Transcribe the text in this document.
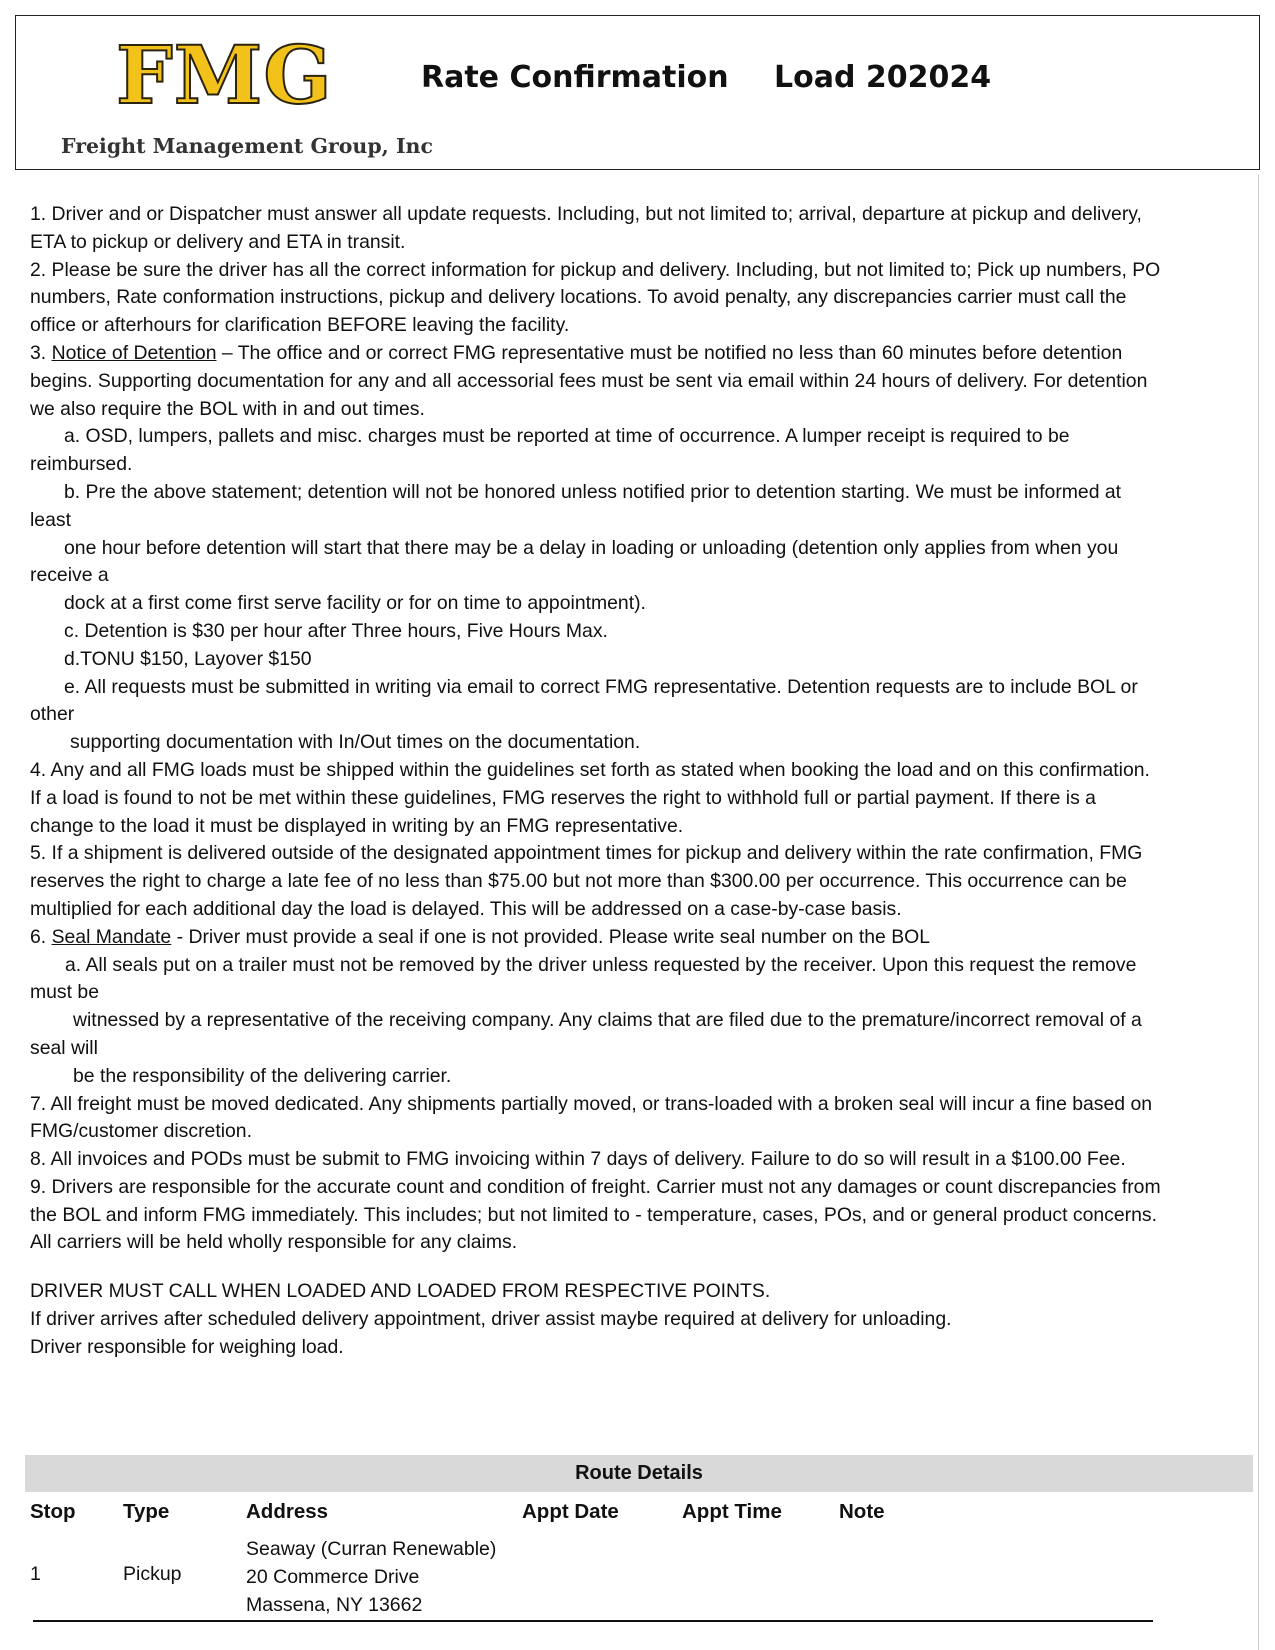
FMG
Freight Management Group, Inc
Rate Confirmation Load 202024
1. Driver and or Dispatcher must answer all update requests. Including, but not limited to; arrival, departure at pickup and delivery,
ETA to pickup or delivery and ETA in transit.
2. Please be sure the driver has all the correct information for pickup and delivery. Including, but not limited to; Pick up numbers, PO
numbers, Rate conformation instructions, pickup and delivery locations. To avoid penalty, any discrepancies carrier must call the
office or afterhours for clarification BEFORE leaving the facility.
3. Notice of Detention – The office and or correct FMG representative must be notified no less than 60 minutes before detention
begins. Supporting documentation for any and all accessorial fees must be sent via email within 24 hours of delivery. For detention
we also require the BOL with in and out times.
a. OSD, lumpers, pallets and misc. charges must be reported at time of occurrence. A lumper receipt is required to be
reimbursed.
b. Pre the above statement; detention will not be honored unless notified prior to detention starting. We must be informed at
least
one hour before detention will start that there may be a delay in loading or unloading (detention only applies from when you
receive a
dock at a first come first serve facility or for on time to appointment).
c. Detention is $30 per hour after Three hours, Five Hours Max.
d.TONU $150, Layover $150
e. All requests must be submitted in writing via email to correct FMG representative. Detention requests are to include BOL or
other
supporting documentation with In/Out times on the documentation.
4. Any and all FMG loads must be shipped within the guidelines set forth as stated when booking the load and on this confirmation.
If a load is found to not be met within these guidelines, FMG reserves the right to withhold full or partial payment. If there is a
change to the load it must be displayed in writing by an FMG representative.
5. If a shipment is delivered outside of the designated appointment times for pickup and delivery within the rate confirmation, FMG
reserves the right to charge a late fee of no less than $75.00 but not more than $300.00 per occurrence. This occurrence can be
multiplied for each additional day the load is delayed. This will be addressed on a case-by-case basis.
6. Seal Mandate - Driver must provide a seal if one is not provided. Please write seal number on the BOL
a. All seals put on a trailer must not be removed by the driver unless requested by the receiver. Upon this request the remove
must be
witnessed by a representative of the receiving company. Any claims that are filed due to the premature/incorrect removal of a
seal will
be the responsibility of the delivering carrier.
7. All freight must be moved dedicated. Any shipments partially moved, or trans-loaded with a broken seal will incur a fine based on
FMG/customer discretion.
8. All invoices and PODs must be submit to FMG invoicing within 7 days of delivery. Failure to do so will result in a $100.00 Fee.
9. Drivers are responsible for the accurate count and condition of freight. Carrier must not any damages or count discrepancies from
the BOL and inform FMG immediately. This includes; but not limited to - temperature, cases, POs, and or general product concerns.
All carriers will be held wholly responsible for any claims.
DRIVER MUST CALL WHEN LOADED AND LOADED FROM RESPECTIVE POINTS.
If driver arrives after scheduled delivery appointment, driver assist maybe required at delivery for unloading.
Driver responsible for weighing load.
Route Details
Stop Type	Address	Appt Date	Appt Time	Note
1	Pickup
Seaway (Curran Renewable)
20 Commerce Drive
Massena, NY 13662
